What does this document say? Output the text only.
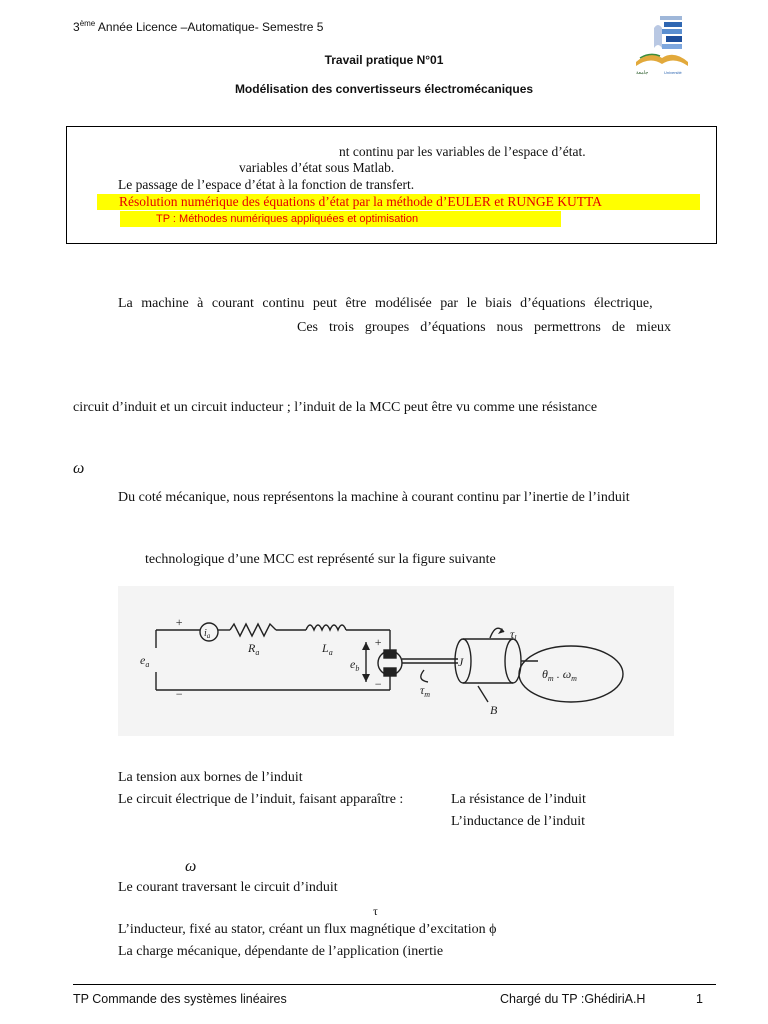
3ème Année Licence –Automatique- Semestre 5
ﺟﺎﻣﻌﺔ	Université
Travail pratique N°01
Modélisation des convertisseurs électromécaniques
nt continu par les variables de l’espace d’état.
variables d’état sous Matlab.
Le passage de l’espace d’état à la fonction de transfert.
Résolution numérique des équations d’état par la méthode d’EULER et RUNGE KUTTA
TP : Méthodes numériques appliquées et optimisation
La machine à courant continu peut être modélisée par le biais d’équations électrique,
Ces trois groupes d’équations nous permettrons de mieux
circuit d’induit et un circuit inducteur ; l’induit de la MCC peut être vu comme une résistance
ω
Du coté mécanique, nous représentons la machine à courant continu par l’inertie de l’induit
technologique d’une MCC est représenté sur la figure suivante
+
−
$e_a$
$i_a$
$R_a$	$L_a$
$e_b$
+
−
J
$\tau_m$
$\tau_l$
$\theta_m$ . $\omega_m$
B
La tension aux bornes de l’induit
Le circuit électrique de l’induit, faisant apparaître :	La résistance de l’induit
L’inductance de l’induit
ω
Le courant traversant le circuit d’induit
τ
L’inducteur, fixé au stator, créant un flux magnétique d’excitation ϕ
La charge mécanique, dépendante de l’application (inertie
TP Commande des systèmes linéaires	Chargé du TP :GhédiriA.H	1
